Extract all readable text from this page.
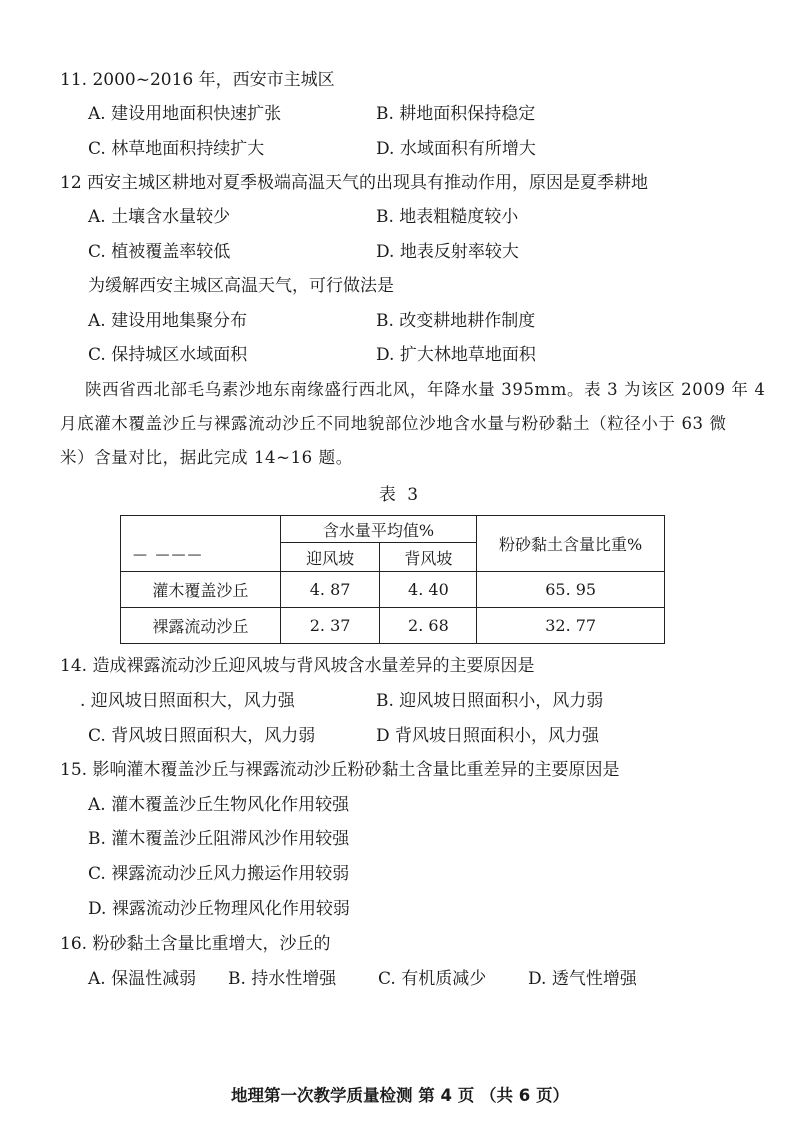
11. 2000~2016 年，西安市主城区
A. 建设用地面积快速扩张	B. 耕地面积保持稳定
C. 林草地面积持续扩大	D. 水域面积有所增大
12 西安主城区耕地对夏季极端高温天气的出现具有推动作用，原因是夏季耕地
A. 土壤含水量较少	B. 地表粗糙度较小
C. 植被覆盖率较低	D. 地表反射率较大
为缓解西安主城区高温天气，可行做法是
A. 建设用地集聚分布	B. 改变耕地耕作制度
C. 保持城区水域面积	D. 扩大林地草地面积
陕西省西北部毛乌素沙地东南缘盛行西北风，年降水量 395mm。表 3 为该区 2009 年 4
月底灌木覆盖沙丘与裸露流动沙丘不同地貌部位沙地含水量与粉砂黏土（粒径小于 63 微
米）含量对比，据此完成 14~16 题。
表 3
— ———	含水量平均值%		粉砂黏土含量比重%
	迎风坡	背风坡	
灌木覆盖沙丘	4. 87	4. 40	65. 95
裸露流动沙丘	2. 37	2. 68	32. 77
14. 造成裸露流动沙丘迎风坡与背风坡含水量差异的主要原因是
. 迎风坡日照面积大，风力强	B. 迎风坡日照面积小，风力弱
C. 背风坡日照面积大，风力弱	D 背风坡日照面积小，风力强
15. 影响灌木覆盖沙丘与裸露流动沙丘粉砂黏土含量比重差异的主要原因是
A. 灌木覆盖沙丘生物风化作用较强
B. 灌木覆盖沙丘阻滞风沙作用较强
C. 裸露流动沙丘风力搬运作用较弱
D. 裸露流动沙丘物理风化作用较弱
16. 粉砂黏土含量比重增大，沙丘的
A. 保温性减弱 B. 持水性增强 C. 有机质减少 D. 透气性增强
地理第一次教学质量检测 第 4 页 （共 6 页）
